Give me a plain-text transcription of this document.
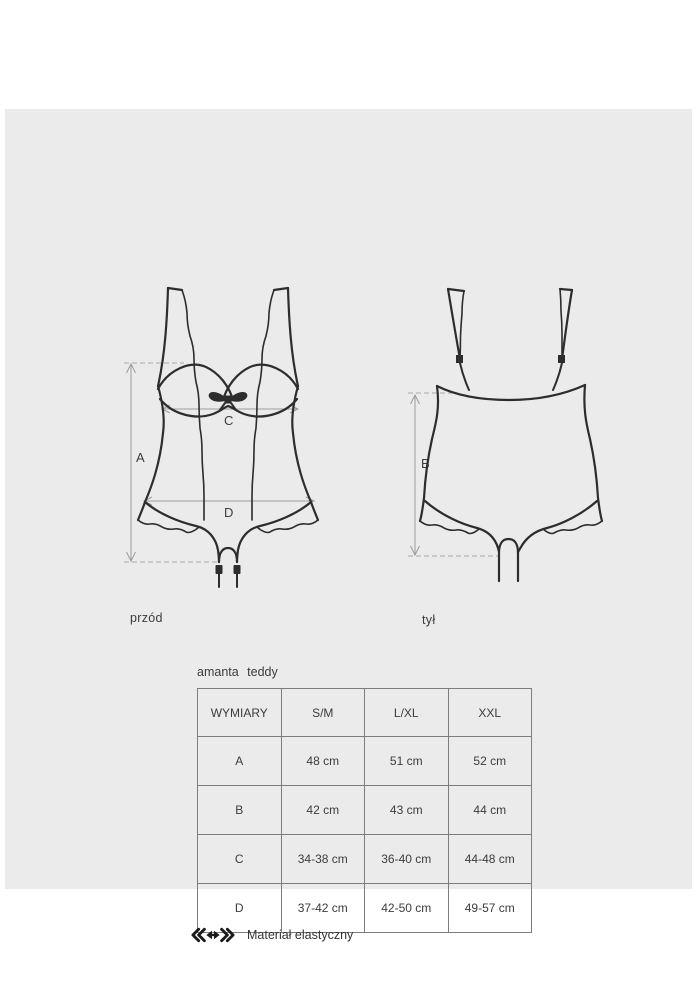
A
C
D
B
przód	tył
amanta teddy
WYMIARY	S/M	L/XL	XXL
A	48 cm	51 cm	52 cm
B	42 cm	43 cm	44 cm
C	34-38 cm	36-40 cm	44-48 cm
D	37-42 cm	42-50 cm	49-57 cm
Materiał elastyczny
